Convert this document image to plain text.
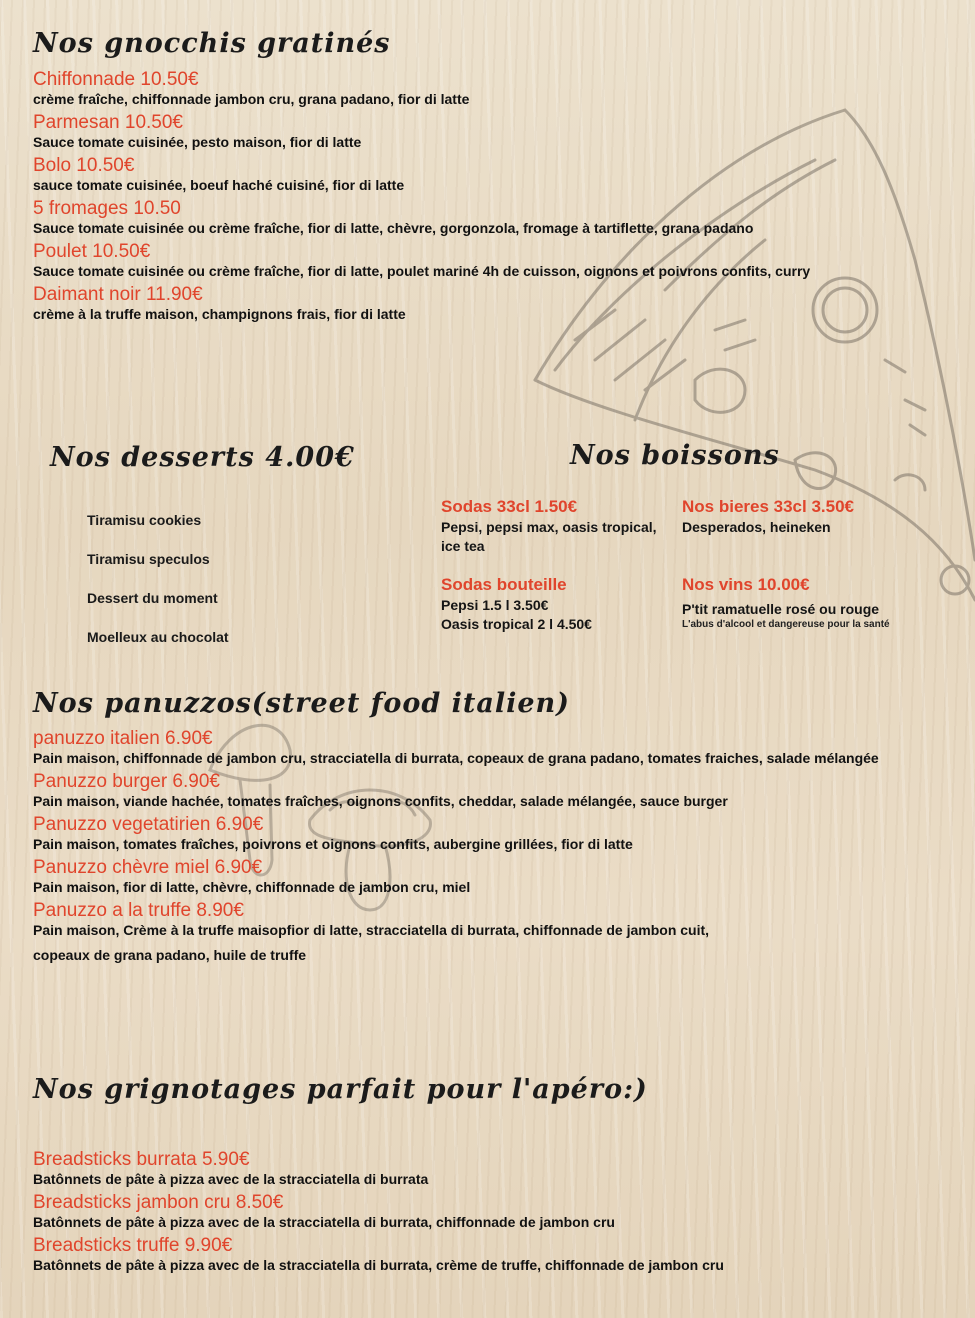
Nos gnocchis gratinés
Chiffonnade 10.50€
crème fraîche, chiffonnade jambon cru, grana padano, fior di latte
Parmesan 10.50€
Sauce tomate cuisinée, pesto maison, fior di latte
Bolo 10.50€
sauce tomate cuisinée, boeuf haché cuisiné, fior di latte
5 fromages 10.50
Sauce tomate cuisinée ou crème fraîche, fior di latte, chèvre, gorgonzola, fromage à tartiflette, grana padano
Poulet 10.50€
Sauce tomate cuisinée ou crème fraîche, fior di latte, poulet mariné 4h de cuisson, oignons et poivrons confits, curry
Daimant noir 11.90€
crème à la truffe maison, champignons frais, fior di latte
Nos desserts 4.00€
Tiramisu cookies
Tiramisu speculos
Dessert du moment
Moelleux au chocolat
Nos boissons
Sodas 33cl 1.50€
Pepsi, pepsi max, oasis tropical, ice tea
Sodas bouteille
Pepsi 1.5 l 3.50€
Oasis tropical 2 l 4.50€
Nos bieres 33cl 3.50€
Desperados, heineken
Nos vins 10.00€
P'tit ramatuelle rosé ou rouge
L'abus d'alcool et dangereuse pour la santé
Nos panuzzos(street food italien)
panuzzo italien 6.90€
Pain maison, chiffonnade de jambon cru, stracciatella di burrata, copeaux de grana padano, tomates fraiches, salade mélangée
Panuzzo burger 6.90€
Pain maison, viande hachée, tomates fraîches, oignons confits, cheddar, salade mélangée, sauce burger
Panuzzo vegetatirien 6.90€
Pain maison, tomates fraîches, poivrons et oignons confits, aubergine grillées, fior di latte
Panuzzo chèvre miel 6.90€
Pain maison, fior di latte, chèvre, chiffonnade de jambon cru, miel
Panuzzo a la truffe 8.90€
Pain maison, Crème à la truffe maisopfior di latte, stracciatella di burrata, chiffonnade de jambon cuit,
copeaux de grana padano, huile de truffe
Nos grignotages parfait pour l'apéro:)
Breadsticks burrata 5.90€
Batônnets de pâte à pizza avec de la stracciatella di burrata
Breadsticks jambon cru 8.50€
Batônnets de pâte à pizza avec de la stracciatella di burrata, chiffonnade de jambon cru
Breadsticks truffe 9.90€
Batônnets de pâte à pizza avec de la stracciatella di burrata, crème de truffe, chiffonnade de jambon cru
